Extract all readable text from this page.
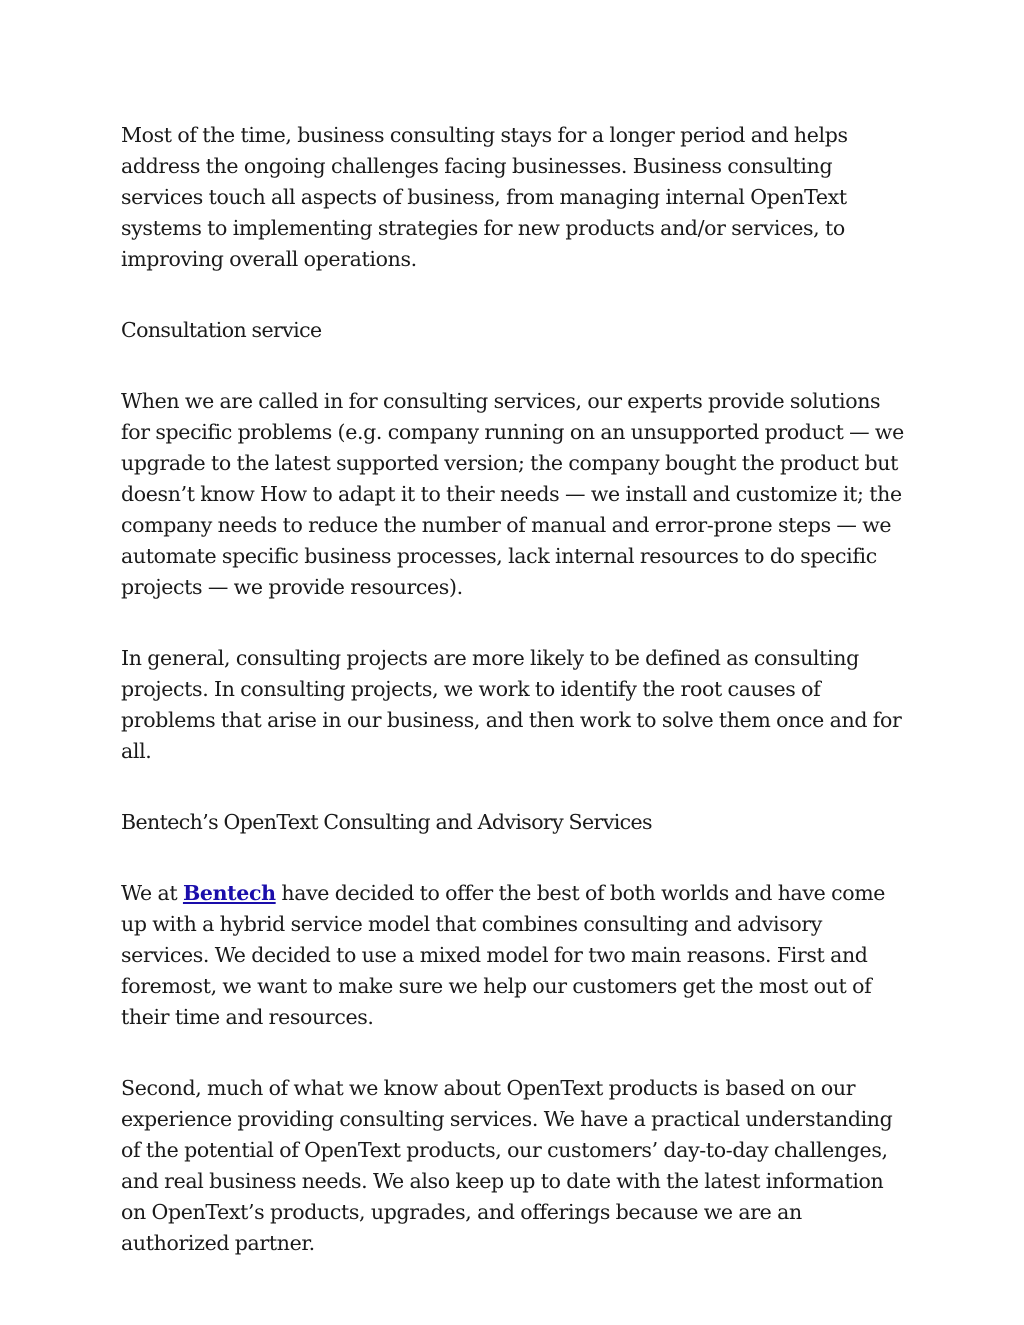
Most of the time, business consulting stays for a longer period and helps address the ongoing challenges facing businesses. Business consulting services touch all aspects of business, from managing internal OpenText systems to implementing strategies for new products and/or services, to improving overall operations.

Consultation service

When we are called in for consulting services, our experts provide solutions for specific problems (e.g. company running on an unsupported product — we upgrade to the latest supported version; the company bought the product but doesn’t know How to adapt it to their needs — we install and customize it; the company needs to reduce the number of manual and error-prone steps — we automate specific business processes, lack internal resources to do specific projects — we provide resources).

In general, consulting projects are more likely to be defined as consulting projects. In consulting projects, we work to identify the root causes of problems that arise in our business, and then work to solve them once and for all.

Bentech’s OpenText Consulting and Advisory Services

We at Bentech have decided to offer the best of both worlds and have come up with a hybrid service model that combines consulting and advisory services. We decided to use a mixed model for two main reasons. First and foremost, we want to make sure we help our customers get the most out of their time and resources.

Second, much of what we know about OpenText products is based on our experience providing consulting services. We have a practical understanding of the potential of OpenText products, our customers’ day-to-day challenges, and real business needs. We also keep up to date with the latest information on OpenText’s products, upgrades, and offerings because we are an authorized partner.
